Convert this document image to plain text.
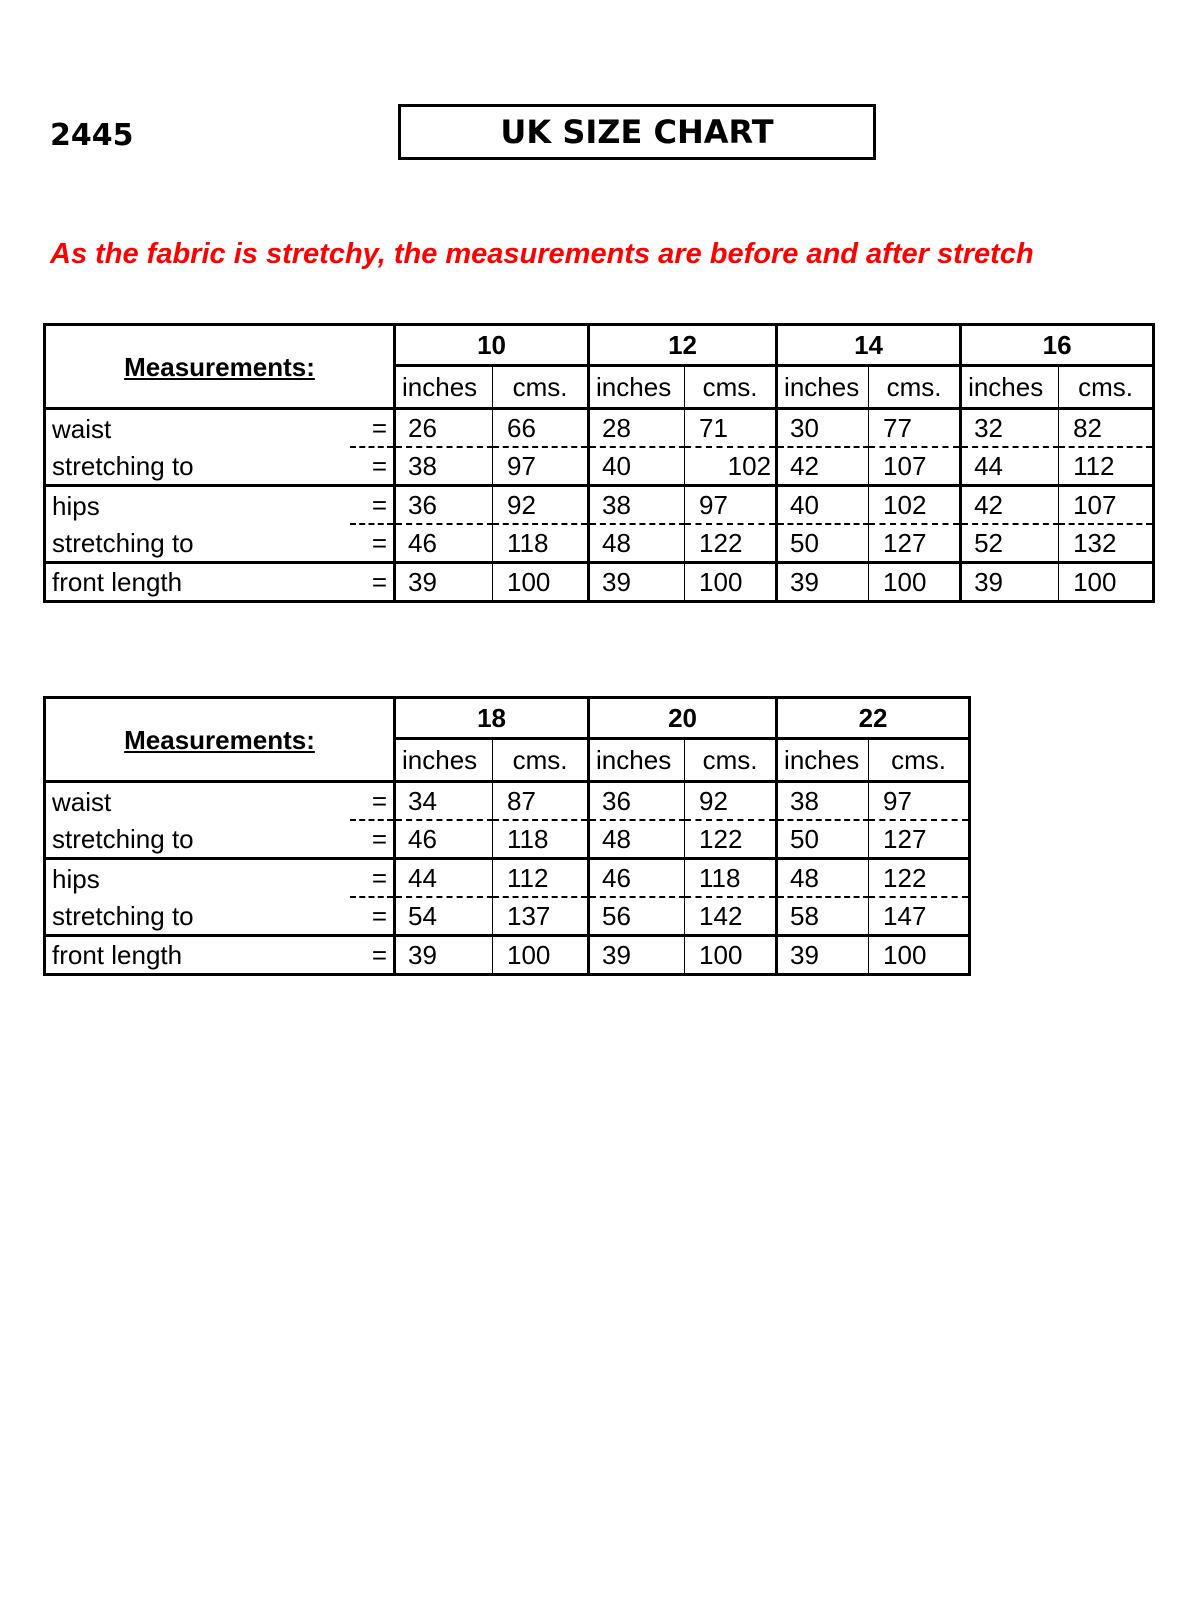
2445	UK SIZE CHART
As the fabric is stretchy, the measurements are before and after stretch
Measurements:		10		12		14		16	
		inches	cms.	inches	cms.	inches	cms.	inches	cms.
waist	=	26	66	28	71	30	77	32	82
stretching to	=	38	97	40	102	42	107	44	112
hips	=	36	92	38	97	40	102	42	107
stretching to	=	46	118	48	122	50	127	52	132
front length	=	39	100	39	100	39	100	39	100
Measurements:		18		20		22	
		inches	cms.	inches	cms.	inches	cms.
waist	=	34	87	36	92	38	97
stretching to	=	46	118	48	122	50	127
hips	=	44	112	46	118	48	122
stretching to	=	54	137	56	142	58	147
front length	=	39	100	39	100	39	100
